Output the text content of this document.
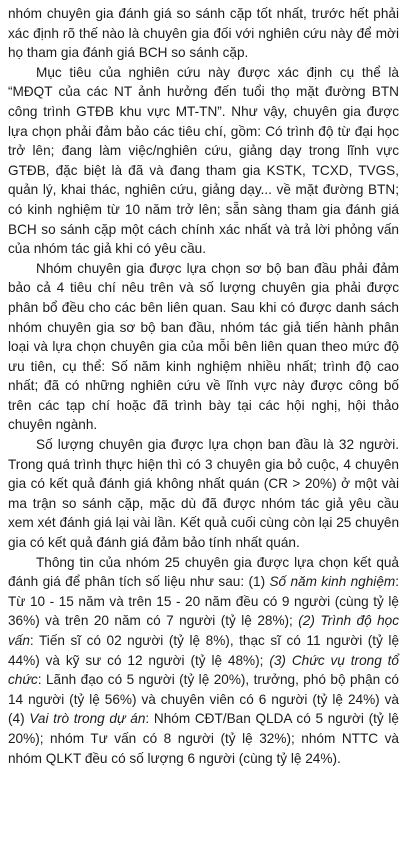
nhóm chuyên gia đánh giá so sánh cặp tốt nhất, trước hết phải xác định rõ thế nào là chuyên gia đối với nghiên cứu này để mời họ tham gia đánh giá BCH so sánh cặp.

Mục tiêu của nghiên cứu này được xác định cụ thể là “MĐQT của các NT ảnh hưởng đến tuổi thọ mặt đường BTN công trình GTĐB khu vực MT-TN”. Như vậy, chuyên gia được lựa chọn phải đảm bảo các tiêu chí, gồm: Có trình độ từ đại học trở lên; đang làm việc/nghiên cứu, giảng dạy trong lĩnh vực GTĐB, đặc biệt là đã và đang tham gia KSTK, TCXD, TVGS, quản lý, khai thác, nghiên cứu, giảng dạy... về mặt đường BTN; có kinh nghiệm từ 10 năm trở lên; sẵn sàng tham gia đánh giá BCH so sánh cặp một cách chính xác nhất và trả lời phỏng vấn của nhóm tác giả khi có yêu cầu.

Nhóm chuyên gia được lựa chọn sơ bộ ban đầu phải đảm bảo cả 4 tiêu chí nêu trên và số lượng chuyên gia phải được phân bổ đều cho các bên liên quan. Sau khi có được danh sách nhóm chuyên gia sơ bộ ban đầu, nhóm tác giả tiến hành phân loại và lựa chọn chuyên gia của mỗi bên liên quan theo mức độ ưu tiên, cụ thể: Số năm kinh nghiệm nhiều nhất; trình độ cao nhất; đã có những nghiên cứu về lĩnh vực này được công bố trên các tạp chí hoặc đã trình bày tại các hội nghị, hội thảo chuyên ngành.

Số lượng chuyên gia được lựa chọn ban đầu là 32 người. Trong quá trình thực hiện thì có 3 chuyên gia bỏ cuộc, 4 chuyên gia có kết quả đánh giá không nhất quán (CR > 20%) ở một vài ma trận so sánh cặp, mặc dù đã được nhóm tác giả yêu cầu xem xét đánh giá lại vài lần. Kết quả cuối cùng còn lại 25 chuyên gia có kết quả đánh giá đảm bảo tính nhất quán.

Thông tin của nhóm 25 chuyên gia được lựa chọn kết quả đánh giá để phân tích số liệu như sau: (1) Số năm kinh nghiệm: Từ 10 - 15 năm và trên 15 - 20 năm đều có 9 người (cùng tỷ lệ 36%) và trên 20 năm có 7 người (tỷ lệ 28%); (2) Trình độ học vấn: Tiến sĩ có 02 người (tỷ lệ 8%), thạc sĩ có 11 người (tỷ lệ 44%) và kỹ sư có 12 người (tỷ lệ 48%); (3) Chức vụ trong tổ chức: Lãnh đạo có 5 người (tỷ lệ 20%), trưởng, phó bộ phận có 14 người (tỷ lệ 56%) và chuyên viên có 6 người (tỷ lệ 24%) và (4) Vai trò trong dự án: Nhóm CĐT/Ban QLDA có 5 người (tỷ lệ 20%); nhóm Tư vấn có 8 người (tỷ lệ 32%); nhóm NTTC và nhóm QLKT đều có số lượng 6 người (cùng tỷ lệ 24%).
